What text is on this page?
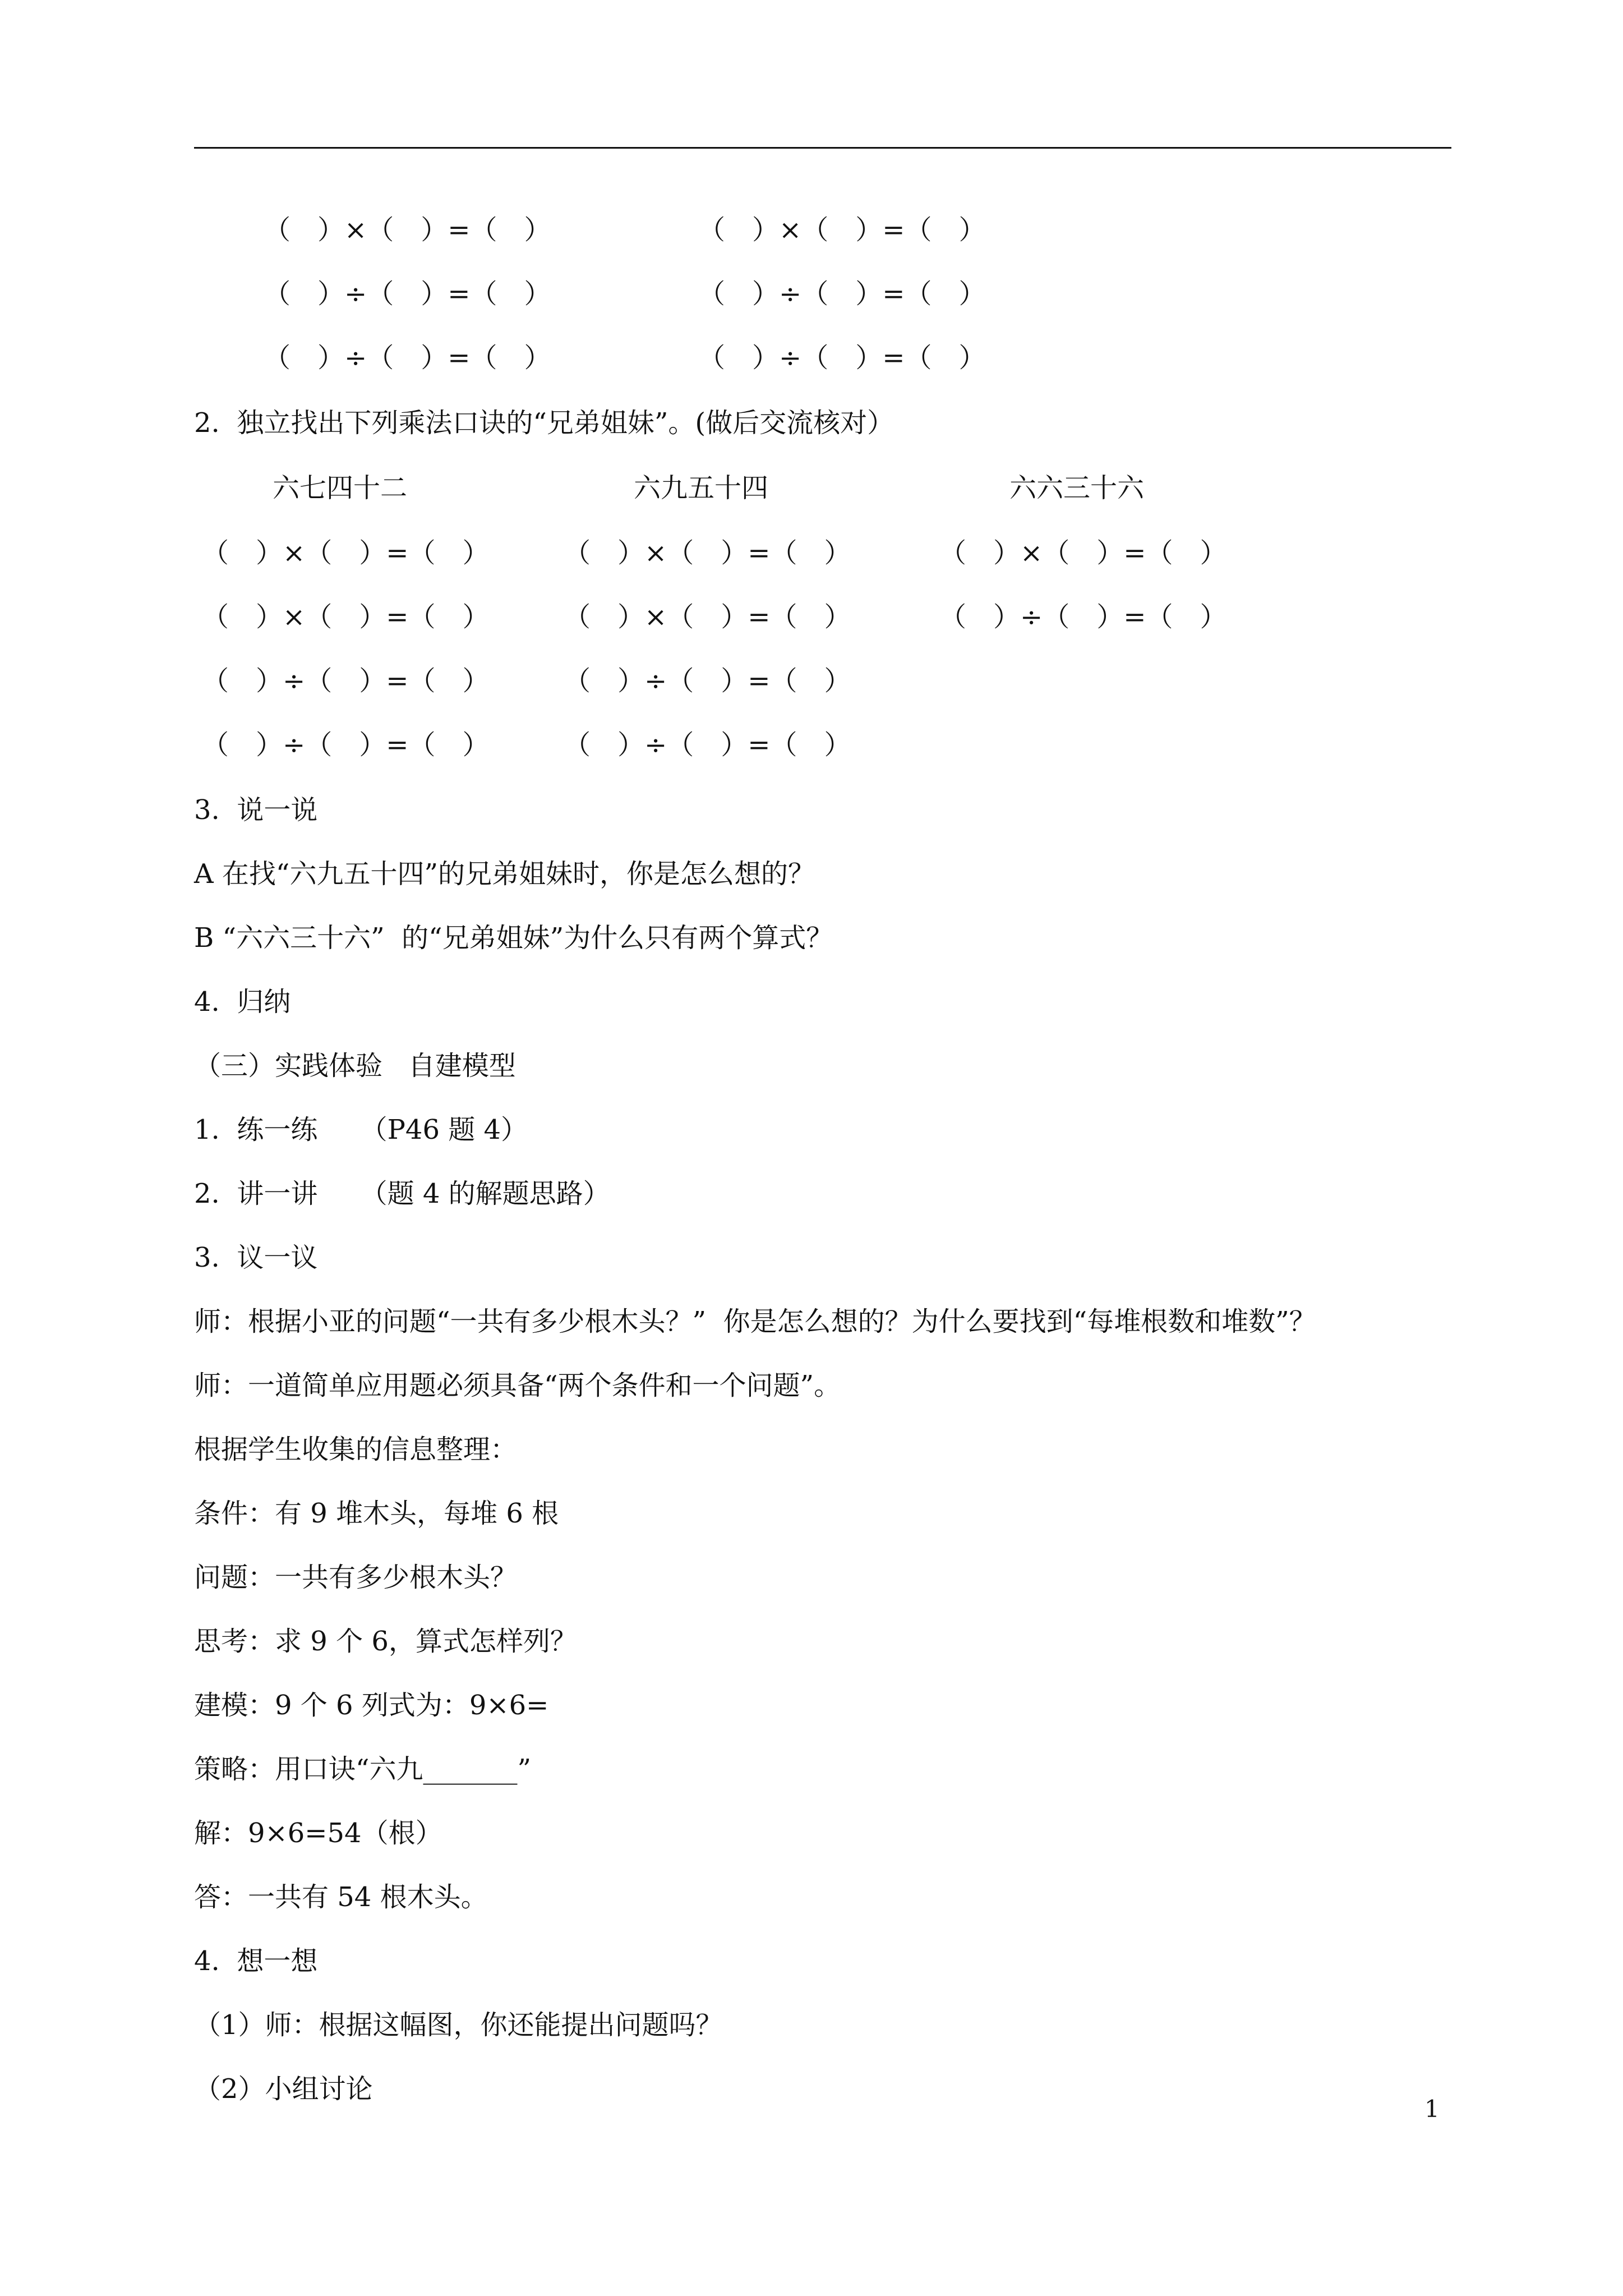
（　）×（　）=（　）
（　）÷（　）=（　）
（　）÷（　）=（　）
（　）×（　）=（　）
（　）÷（　）=（　）
（　）÷（　）=（　）
2.  独立找出下列乘法口诀的“兄弟姐妹”。(做后交流核对）
六七四十二	六九五十四	六六三十六
（　）×（　）=（　）
（　）×（　）=（　）
（　）÷（　）=（　）
（　）÷（　）=（　）
（　）×（　）=（　）
（　）×（　）=（　）
（　）÷（　）=（　）
（　）÷（　）=（　）
（　）×（　）=（　）
（　）÷（　）=（　）
3.  说一说
A 在找“六九五十四”的兄弟姐妹时，你是怎么想的？
B “六六三十六”  的“兄弟姐妹”为什么只有两个算式？
4.  归纳
（三）实践体验   自建模型
1.  练一练     （P46 题 4）
2.  讲一讲     （题 4 的解题思路）
3.  议一议
师：根据小亚的问题“一共有多少根木头？”  你是怎么想的？为什么要找到“每堆根数和堆数”？
师：一道简单应用题必须具备“两个条件和一个问题”。
根据学生收集的信息整理：
条件：有 9 堆木头，每堆 6 根
问题：一共有多少根木头？
思考：求 9 个 6，算式怎样列？
建模：9 个 6 列式为：9×6=
策略：用口诀“六九_______”
解：9×6=54（根）
答：一共有 54 根木头。
4.  想一想
（1）师：根据这幅图，你还能提出问题吗？
（2）小组讨论
1
